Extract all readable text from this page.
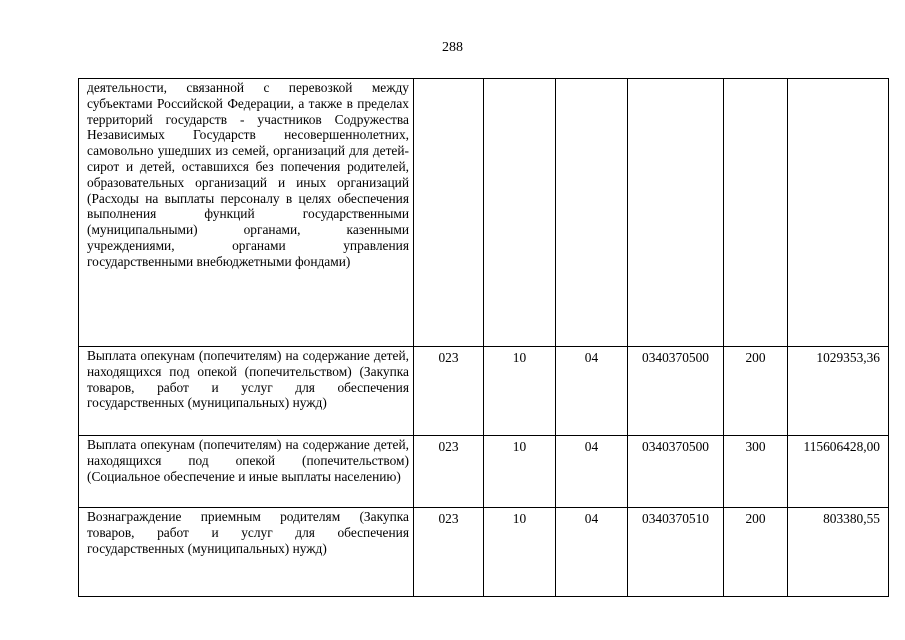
288
деятельности, связанной с перевозкой между субъектами Российской Федерации, а также в пределах территорий государств - участников Содружества Независимых Государств несовершеннолетних, самовольно ушедших из семей, организаций для детей-сирот и детей, оставшихся без попечения родителей, образовательных организаций и иных организаций (Расходы на выплаты персоналу в целях обеспечения выполнения функций государственными (муниципальными) органами, казенными учреждениями, органами управления государственными внебюджетными фондами)						
Выплата опекунам (попечителям) на содержание детей, находящихся под опекой (попечительством) (Закупка товаров, работ и услуг для обеспечения государственных (муниципальных) нужд)	023	10	04	0340370500	200	1029353,36
Выплата опекунам (попечителям) на содержание детей, находящихся под опекой (попечительством) (Социальное обеспечение и иные выплаты населению)	023	10	04	0340370500	300	115606428,00
Вознаграждение приемным родителям (Закупка товаров, работ и услуг для обеспечения государственных (муниципальных) нужд)	023	10	04	0340370510	200	803380,55
